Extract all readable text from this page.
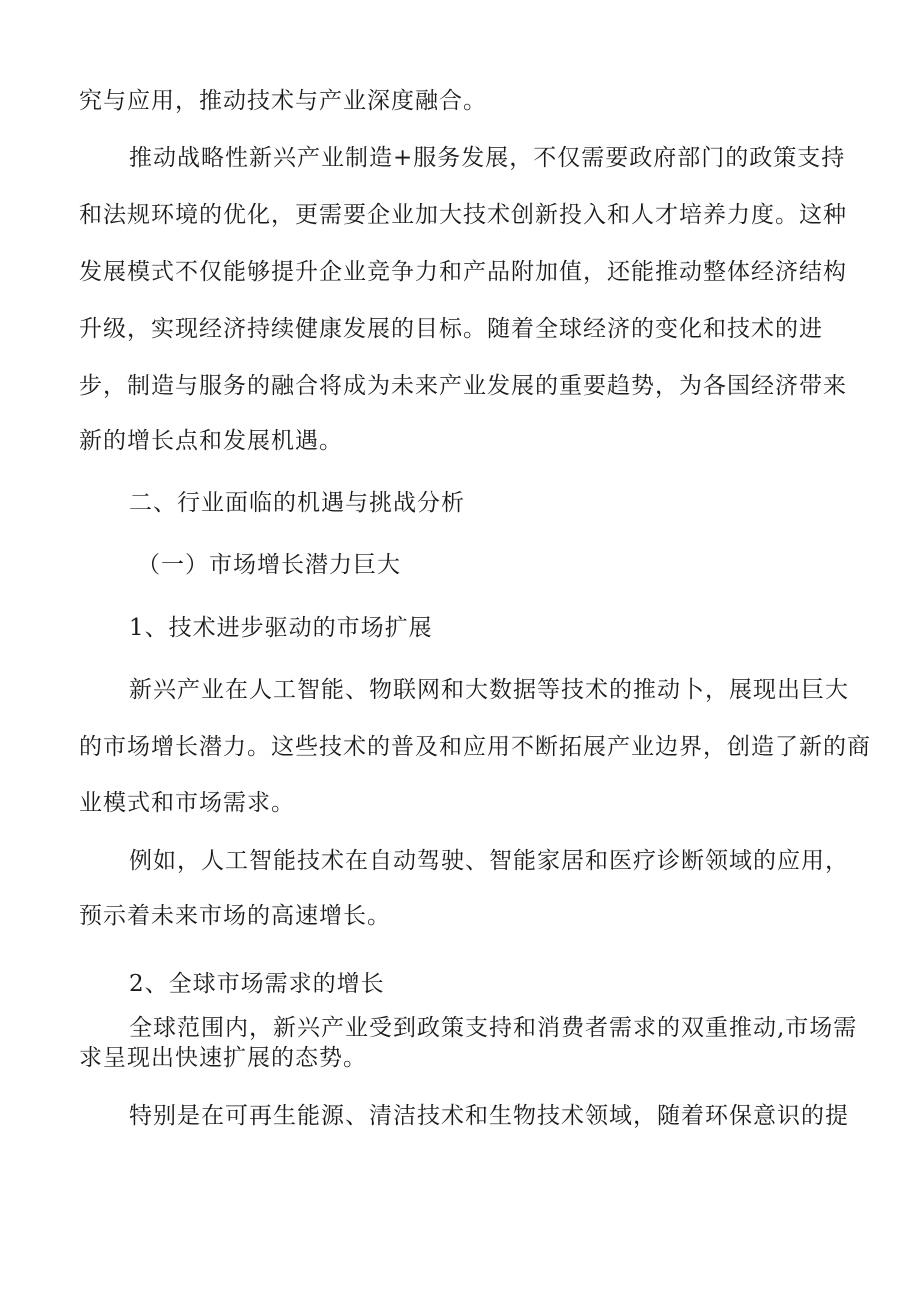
究与应用，推动技术与产业深度融合。
推动战略性新兴产业制造+服务发展，不仅需要政府部门的政策支持
和法规环境的优化，更需要企业加大技术创新投入和人才培养力度。这种
发展模式不仅能够提升企业竞争力和产品附加值，还能推动整体经济结构
升级，实现经济持续健康发展的目标。随着全球经济的变化和技术的进
步，制造与服务的融合将成为未来产业发展的重要趋势，为各国经济带来
新的增长点和发展机遇。
二、行业面临的机遇与挑战分析
（一）市场增长潜力巨大
1、技术进步驱动的市场扩展
新兴产业在人工智能、物联网和大数据等技术的推动卜，展现出巨大
的市场增长潜力。这些技术的普及和应用不断拓展产业边界，创造了新的商
业模式和市场需求。
例如，人工智能技术在自动驾驶、智能家居和医疗诊断领域的应用，
预示着未来市场的高速增长。
2、全球市场需求的增长
全球范围内，新兴产业受到政策支持和消费者需求的双重推动,市场需
求呈现出快速扩展的态势。
特别是在可再生能源、清洁技术和生物技术领域，随着环保意识的提
